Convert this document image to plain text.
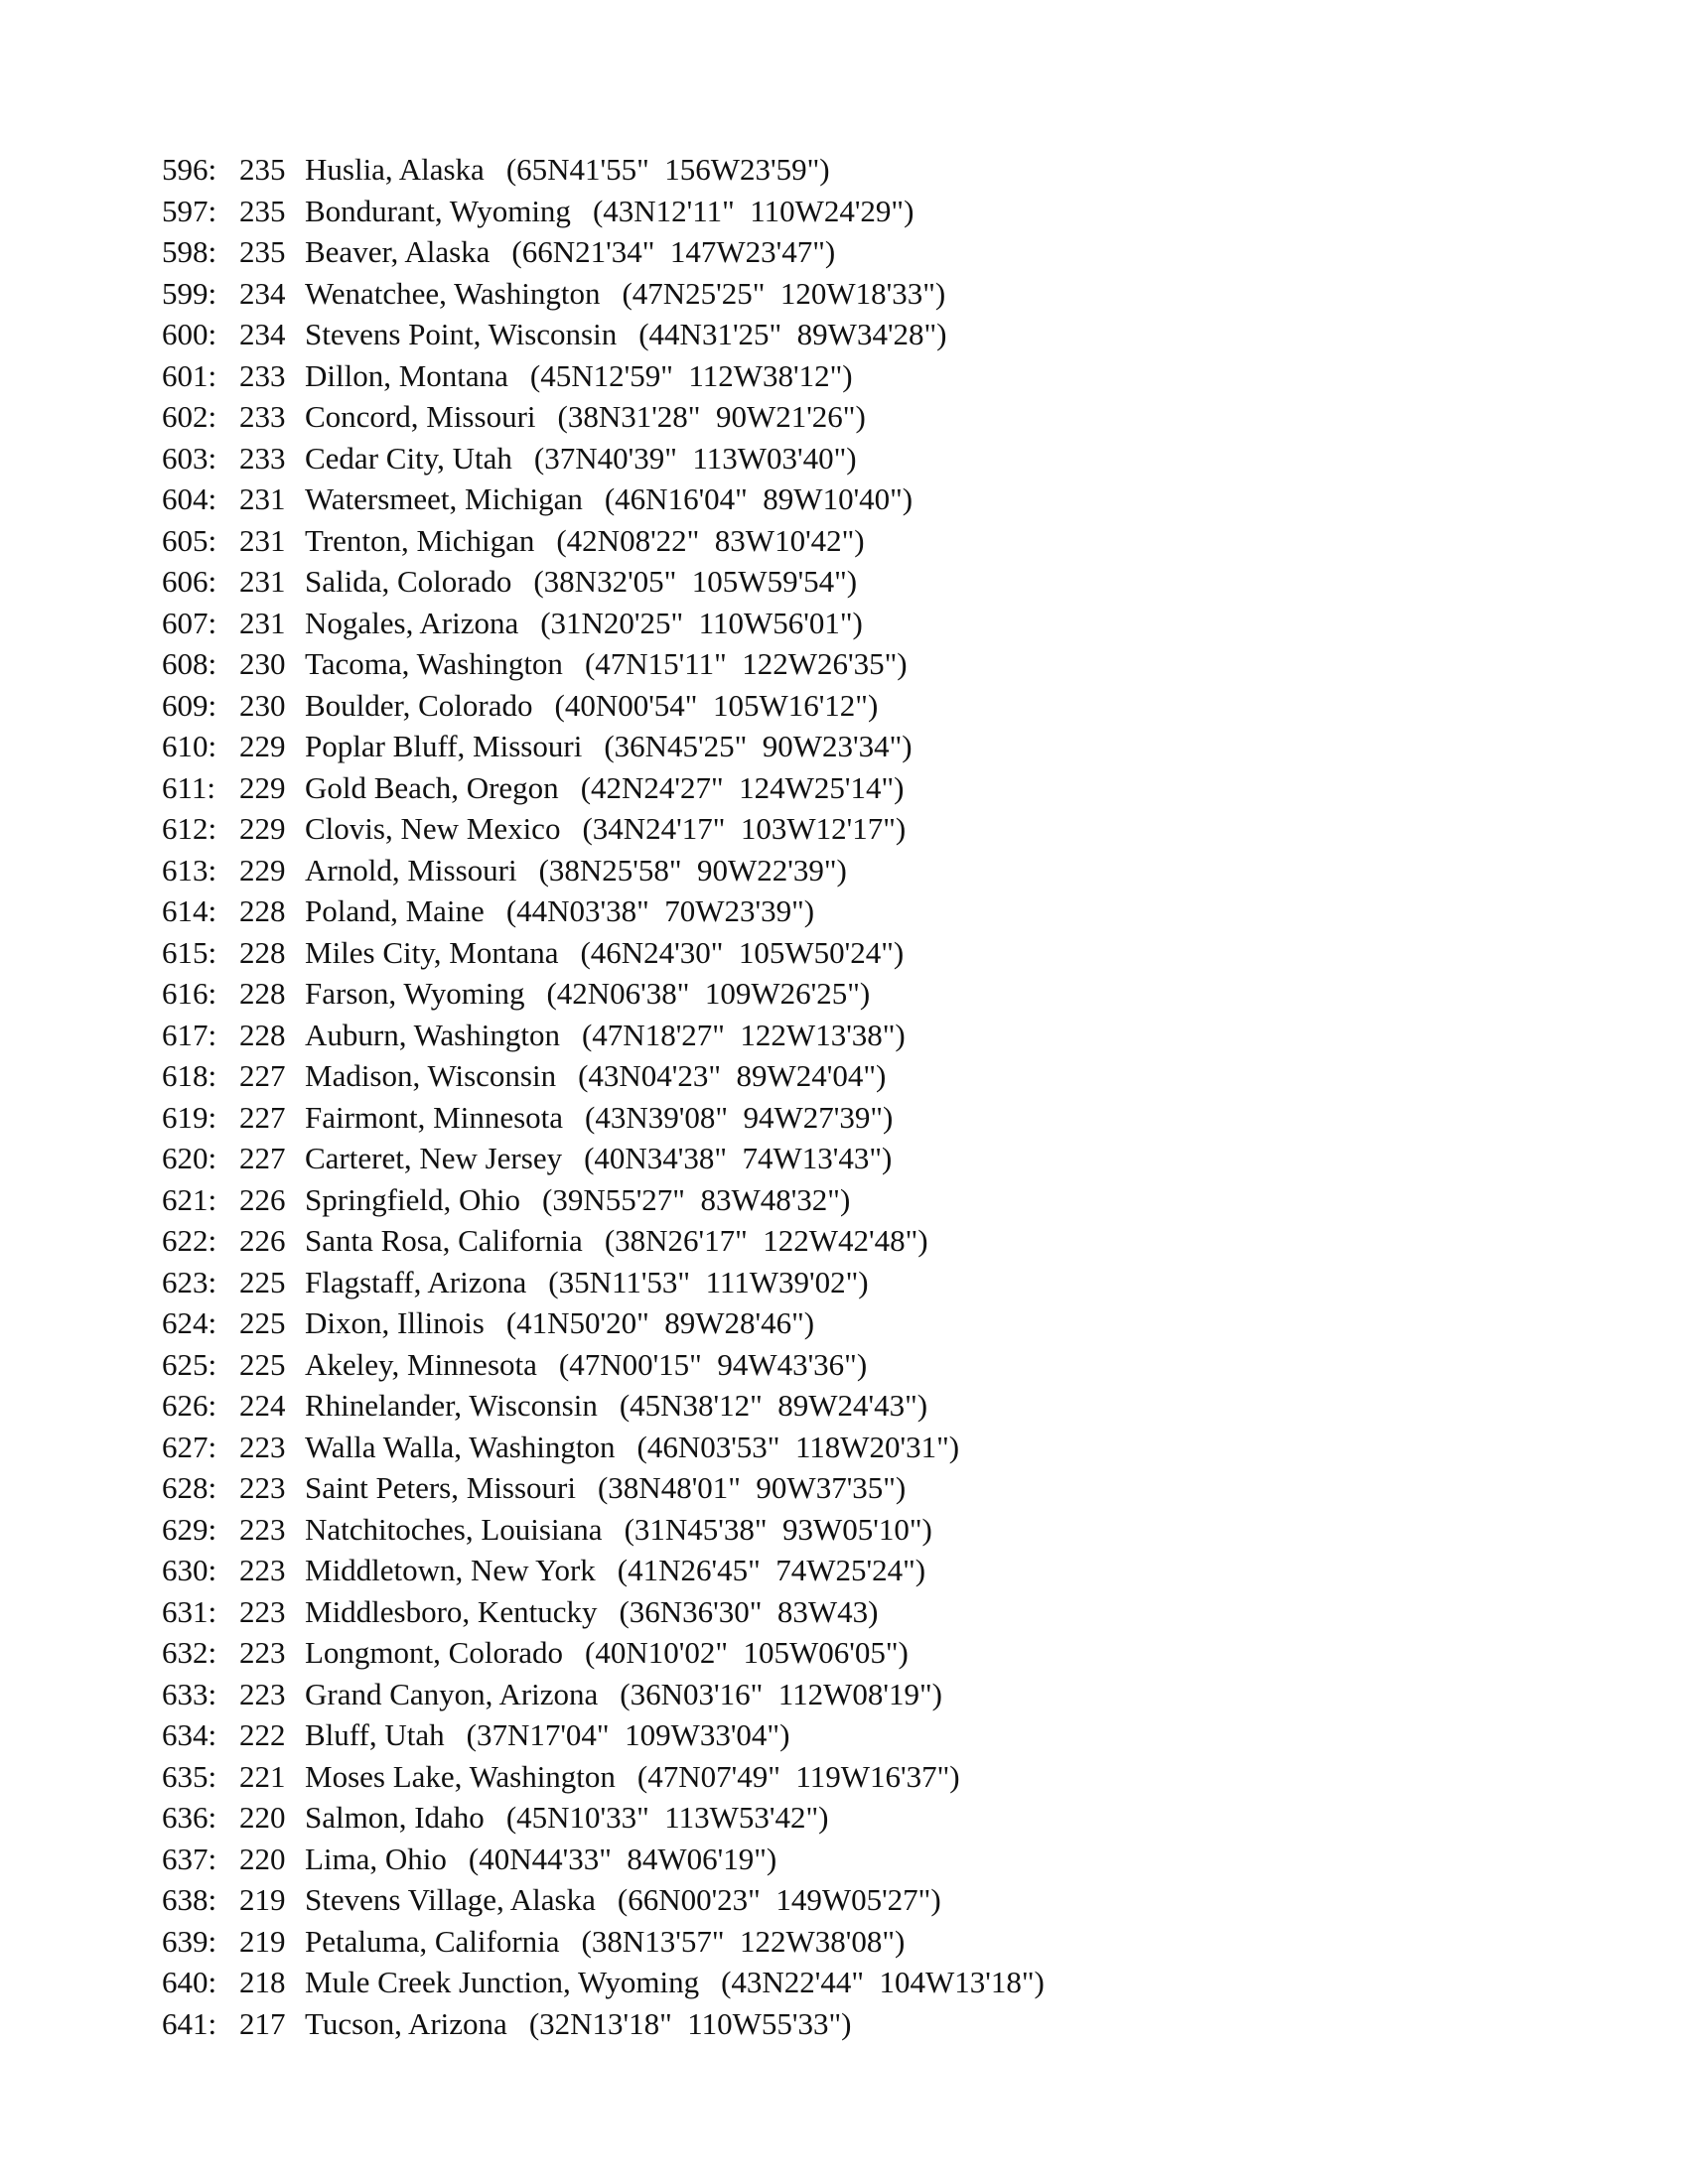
596: 235 Huslia, Alaska (65N41'55"  156W23'59")
597: 235 Bondurant, Wyoming (43N12'11"  110W24'29")
598: 235 Beaver, Alaska (66N21'34"  147W23'47")
599: 234 Wenatchee, Washington (47N25'25"  120W18'33")
600: 234 Stevens Point, Wisconsin (44N31'25"  89W34'28")
601: 233 Dillon, Montana (45N12'59"  112W38'12")
602: 233 Concord, Missouri (38N31'28"  90W21'26")
603: 233 Cedar City, Utah (37N40'39"  113W03'40")
604: 231 Watersmeet, Michigan (46N16'04"  89W10'40")
605: 231 Trenton, Michigan (42N08'22"  83W10'42")
606: 231 Salida, Colorado (38N32'05"  105W59'54")
607: 231 Nogales, Arizona (31N20'25"  110W56'01")
608: 230 Tacoma, Washington (47N15'11"  122W26'35")
609: 230 Boulder, Colorado (40N00'54"  105W16'12")
610: 229 Poplar Bluff, Missouri (36N45'25"  90W23'34")
611: 229 Gold Beach, Oregon (42N24'27"  124W25'14")
612: 229 Clovis, New Mexico (34N24'17"  103W12'17")
613: 229 Arnold, Missouri (38N25'58"  90W22'39")
614: 228 Poland, Maine (44N03'38"  70W23'39")
615: 228 Miles City, Montana (46N24'30"  105W50'24")
616: 228 Farson, Wyoming (42N06'38"  109W26'25")
617: 228 Auburn, Washington (47N18'27"  122W13'38")
618: 227 Madison, Wisconsin (43N04'23"  89W24'04")
619: 227 Fairmont, Minnesota (43N39'08"  94W27'39")
620: 227 Carteret, New Jersey (40N34'38"  74W13'43")
621: 226 Springfield, Ohio (39N55'27"  83W48'32")
622: 226 Santa Rosa, California (38N26'17"  122W42'48")
623: 225 Flagstaff, Arizona (35N11'53"  111W39'02")
624: 225 Dixon, Illinois (41N50'20"  89W28'46")
625: 225 Akeley, Minnesota (47N00'15"  94W43'36")
626: 224 Rhinelander, Wisconsin (45N38'12"  89W24'43")
627: 223 Walla Walla, Washington (46N03'53"  118W20'31")
628: 223 Saint Peters, Missouri (38N48'01"  90W37'35")
629: 223 Natchitoches, Louisiana (31N45'38"  93W05'10")
630: 223 Middletown, New York (41N26'45"  74W25'24")
631: 223 Middlesboro, Kentucky (36N36'30"  83W43)
632: 223 Longmont, Colorado (40N10'02"  105W06'05")
633: 223 Grand Canyon, Arizona (36N03'16"  112W08'19")
634: 222 Bluff, Utah (37N17'04"  109W33'04")
635: 221 Moses Lake, Washington (47N07'49"  119W16'37")
636: 220 Salmon, Idaho (45N10'33"  113W53'42")
637: 220 Lima, Ohio (40N44'33"  84W06'19")
638: 219 Stevens Village, Alaska (66N00'23"  149W05'27")
639: 219 Petaluma, California (38N13'57"  122W38'08")
640: 218 Mule Creek Junction, Wyoming (43N22'44"  104W13'18")
641: 217 Tucson, Arizona (32N13'18"  110W55'33")
